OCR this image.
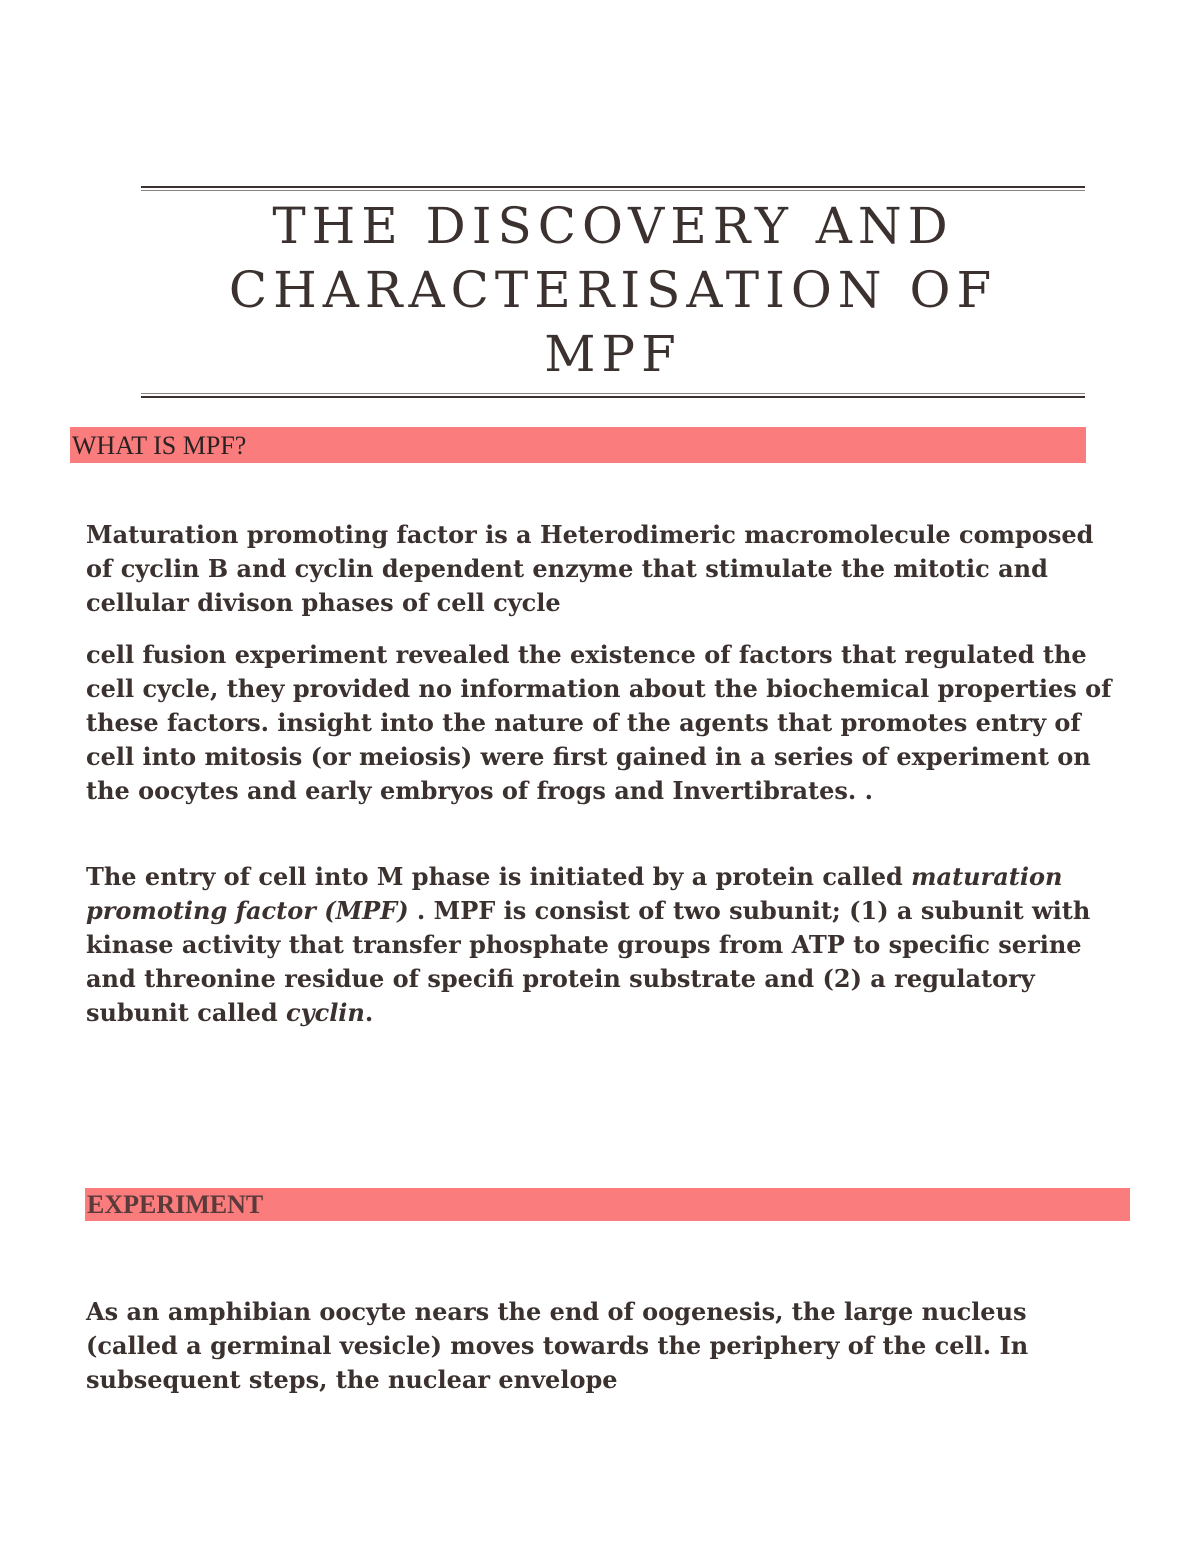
THE DISCOVERY AND
CHARACTERISATION OF
MPF
WHAT IS MPF?

Maturation promoting factor is a Heterodimeric macromolecule composed of cyclin B and cyclin dependent enzyme that stimulate the mitotic and cellular divison phases of cell cycle

cell fusion experiment revealed the existence of factors that regulated the cell cycle, they provided no information about the biochemical properties of these factors. insight into the nature of the agents that promotes entry of cell into mitosis (or meiosis) were first gained in a series of experiment on the oocytes and early embryos of frogs and Invertibrates. .

The entry of cell into M phase is initiated by a protein called maturation promoting factor (MPF) . MPF is consist of two subunit; (1) a subunit with kinase activity that transfer phosphate groups from ATP to specific serine and threonine residue of specifi protein substrate and (2) a regulatory subunit called cyclin.

EXPERIMENT

As an amphibian oocyte nears the end of oogenesis, the large nucleus (called a germinal vesicle) moves towards the periphery of the cell. In subsequent steps, the nuclear envelope
